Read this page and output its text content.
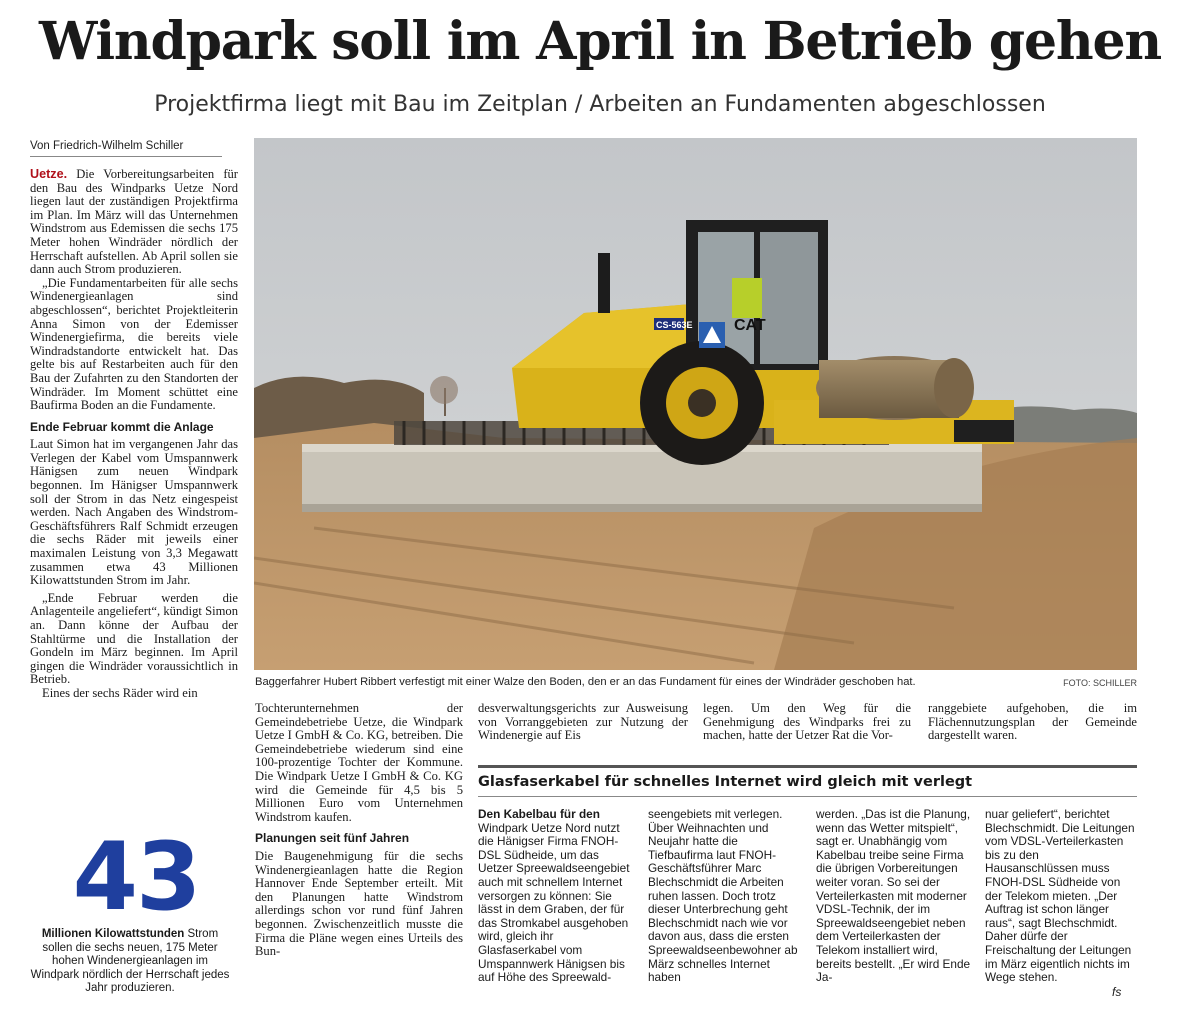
Windpark soll im April in Betrieb gehen
Projektfirma liegt mit Bau im Zeitplan / Arbeiten an Fundamenten abgeschlossen
Von Friedrich-Wilhelm Schiller

Uetze. Die Vorbereitungsarbeiten für den Bau des Windparks Uetze Nord liegen laut der zuständigen Projektfirma im Plan. Im März will das Unternehmen Windstrom aus Edemissen die sechs 175 Meter hohen Windräder nördlich der Herrschaft aufstellen. Ab April sollen sie dann auch Strom produzieren.

„Die Fundamentarbeiten für alle sechs Windenergieanlagen sind abgeschlossen“, berichtet Projektleiterin Anna Simon von der Edemisser Windenergiefirma, die bereits viele Windradstandorte entwickelt hat. Das gelte bis auf Restarbeiten auch für den Bau der Zufahrten zu den Standorten der Windräder. Im Moment schüttet eine Baufirma Boden an die Fundamente.

Ende Februar kommt die Anlage

Laut Simon hat im vergangenen Jahr das Verlegen der Kabel vom Umspannwerk Hänigsen zum neuen Windpark begonnen. Im Hänigser Umspannwerk soll der Strom in das Netz eingespeist werden. Nach Angaben des Windstrom-Geschäftsführers Ralf Schmidt erzeugen die sechs Räder mit jeweils einer maximalen Leistung von 3,3 Megawatt zusammen etwa 43 Millionen Kilowattstunden Strom im Jahr.

„Ende Februar werden die Anlagenteile angeliefert“, kündigt Simon an. Dann könne der Aufbau der Stahltürme und die Installation der Gondeln im März beginnen. Im April gingen die Windräder voraussichtlich in Betrieb.

Eines der sechs Räder wird ein

43
Millionen Kilowattstunden Strom sollen die sechs neuen, 175 Meter hohen Windenergieanlagen im Windpark nördlich der Herrschaft jedes Jahr produzieren.
CS-563E	CAT
Baggerfahrer Hubert Ribbert verfestigt mit einer Walze den Boden, den er an das Fundament für eines der Windräder geschoben hat.	FOTO: SCHILLER

Tochterunternehmen der Gemeindebetriebe Uetze, die Windpark Uetze I GmbH & Co. KG, betreiben. Die Gemeindebetriebe wiederum sind eine 100-prozentige Tochter der Kommune. Die Windpark Uetze I GmbH & Co. KG wird die Gemeinde für 4,5 bis 5 Millionen Euro vom Unternehmen Windstrom kaufen.

Planungen seit fünf Jahren

Die Baugenehmigung für die sechs Windenergieanlagen hatte die Region Hannover Ende September erteilt. Mit den Planungen hatte Windstrom allerdings schon vor rund fünf Jahren begonnen. Zwischenzeitlich musste die Firma die Pläne wegen eines Urteils des Bun-

desverwaltungsgerichts zur Ausweisung von Vorranggebieten zur Nutzung der Windenergie auf Eis

legen. Um den Weg für die Genehmigung des Windparks frei zu machen, hatte der Uetzer Rat die Vor-

ranggebiete aufgehoben, die im Flächennutzungsplan der Gemeinde dargestellt waren.

Glasfaserkabel für schnelles Internet wird gleich mit verlegt

Den Kabelbau für den

Windpark Uetze Nord nutzt die Hänigser Firma FNOH-DSL Südheide, um das Uetzer Spreewaldseengebiet auch mit schnellem Internet versorgen zu können: Sie lässt in dem Graben, der für das Stromkabel ausgehoben wird, gleich ihr Glasfaserkabel vom Umspannwerk Hänigsen bis auf Höhe des Spreewald-

seengebiets mit verlegen. Über Weihnachten und Neujahr hatte die Tiefbaufirma laut FNOH-Geschäftsführer Marc Blechschmidt die Arbeiten ruhen lassen. Doch trotz dieser Unterbrechung geht Blechschmidt nach wie vor davon aus, dass die ersten Spreewaldseenbewohner ab März schnelles Internet haben

werden. „Das ist die Planung, wenn das Wetter mitspielt“, sagt er. Unabhängig vom Kabelbau treibe seine Firma die übrigen Vorbereitungen weiter voran. So sei der Verteilerkasten mit moderner VDSL-Technik, der im Spreewaldseengebiet neben dem Verteilerkasten der Telekom installiert wird, bereits bestellt. „Er wird Ende Ja-

nuar geliefert“, berichtet Blechschmidt. Die Leitungen vom VDSL-Verteilerkasten bis zu den Hausanschlüssen muss FNOH-DSL Südheide von der Telekom mieten. „Der Auftrag ist schon länger raus“, sagt Blechschmidt. Daher dürfe der Freischaltung der Leitungen im März eigentlich nichts im Wege stehen.

fs
